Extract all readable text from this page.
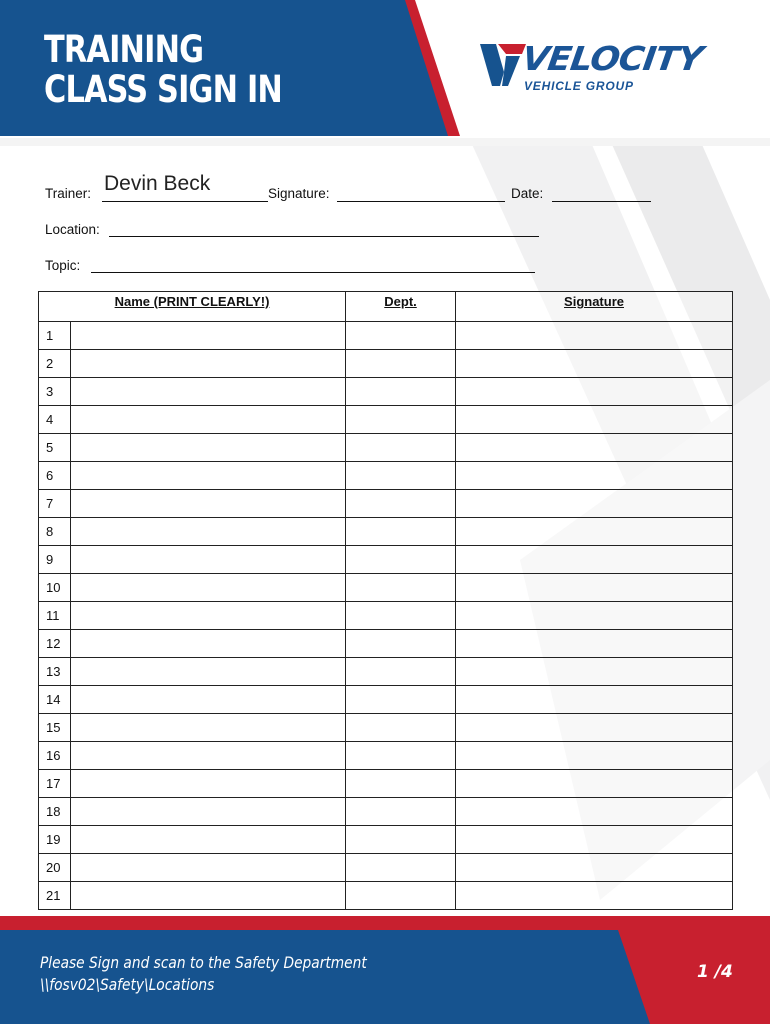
TRAINING
CLASS SIGN IN
VELOCITY
VEHICLE GROUP
Trainer: Devin Beck	Signature:	Date:
Location:
Topic:
Name (PRINT CLEARLY!)		Dept.	Signature
1			
2			
3			
4			
5			
6			
7			
8			
9			
10			
11			
12			
13			
14			
15			
16			
17			
18			
19			
20			
21			
Please Sign and scan to the Safety Department
\\fosv02\Safety\Locations
1 /4
